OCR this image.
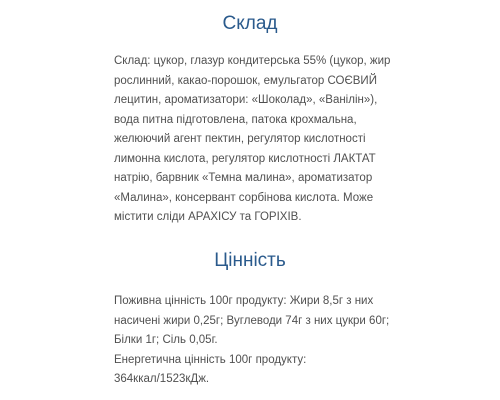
Склад

Склад: цукор, глазур кондитерська 55% (цукор, жир
рослинний, какао-порошок, емульгатор СОЄВИЙ
лецитин, ароматизатори: «Шоколад», «Ванілін»),
вода питна підготовлена, патока крохмальна,
желюючий агент пектин, регулятор кислотності
лимонна кислота, регулятор кислотності ЛАКТАТ
натрію, барвник «Темна малина», ароматизатор
«Малина», консервант сорбінова кислота. Може
містити сліди АРАХІСУ та ГОРІХІВ.

Цінність

Поживна цінність 100г продукту: Жири 8,5г з них
насичені жири 0,25г; Вуглеводи 74г з них цукри 60г;
Білки 1г; Сіль 0,05г.
Енергетична цінність 100г продукту:
364ккал/1523кДж.
